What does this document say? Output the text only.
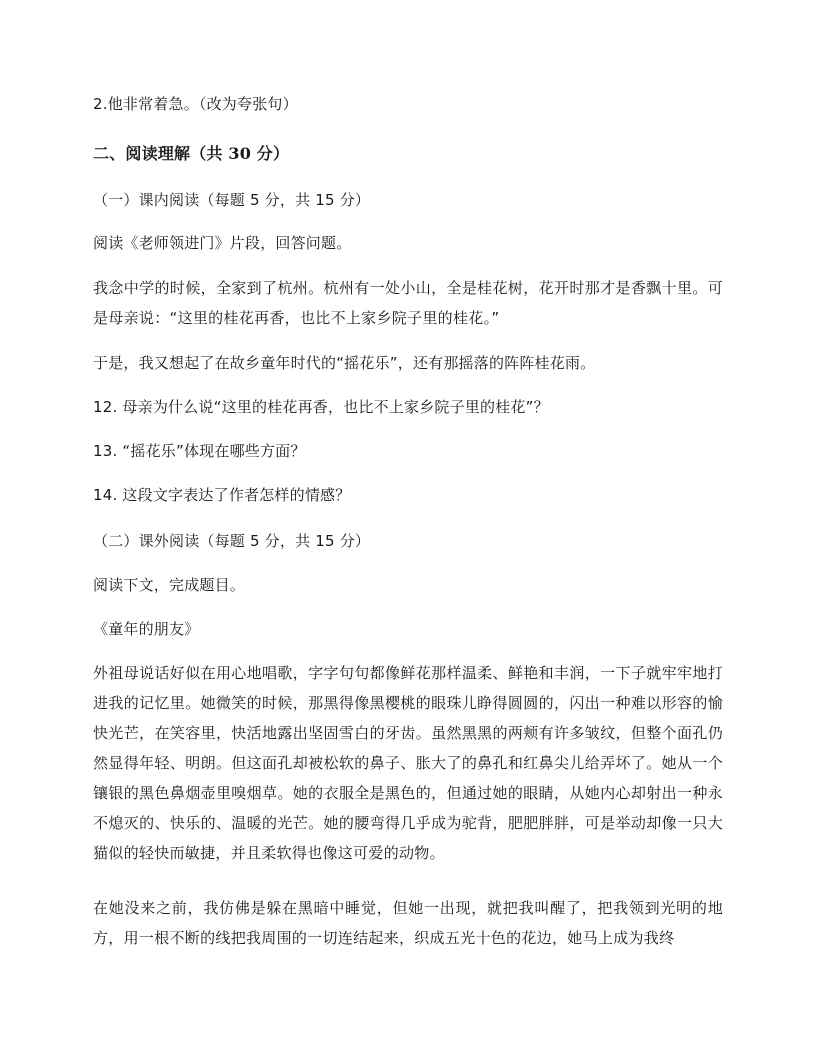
2.他非常着急。（改为夸张句）
二、阅读理解（共 30 分）
（一）课内阅读（每题 5 分，共 15 分）
阅读《老师领进门》片段，回答问题。
我念中学的时候，全家到了杭州。杭州有一处小山，全是桂花树，花开时那才是香飘十里。可是母亲说：“这里的桂花再香，也比不上家乡院子里的桂花。”
于是，我又想起了在故乡童年时代的“摇花乐”，还有那摇落的阵阵桂花雨。
12. 母亲为什么说“这里的桂花再香，也比不上家乡院子里的桂花”？
13. “摇花乐”体现在哪些方面？
14. 这段文字表达了作者怎样的情感？
（二）课外阅读（每题 5 分，共 15 分）
阅读下文，完成题目。
《童年的朋友》
外祖母说话好似在用心地唱歌，字字句句都像鲜花那样温柔、鲜艳和丰润，一下子就牢牢地打进我的记忆里。她微笑的时候，那黑得像黑樱桃的眼珠儿睁得圆圆的，闪出一种难以形容的愉快光芒，在笑容里，快活地露出坚固雪白的牙齿。虽然黑黑的两颊有许多皱纹，但整个面孔仍然显得年轻、明朗。但这面孔却被松软的鼻子、胀大了的鼻孔和红鼻尖儿给弄坏了。她从一个镶银的黑色鼻烟壶里嗅烟草。她的衣服全是黑色的，但通过她的眼睛，从她内心却射出一种永不熄灭的、快乐的、温暖的光芒。她的腰弯得几乎成为驼背，肥肥胖胖，可是举动却像一只大猫似的轻快而敏捷，并且柔软得也像这可爱的动物。
在她没来之前，我仿佛是躲在黑暗中睡觉，但她一出现，就把我叫醒了，把我领到光明的地方，用一根不断的线把我周围的一切连结起来，织成五光十色的花边，她马上成为我终
